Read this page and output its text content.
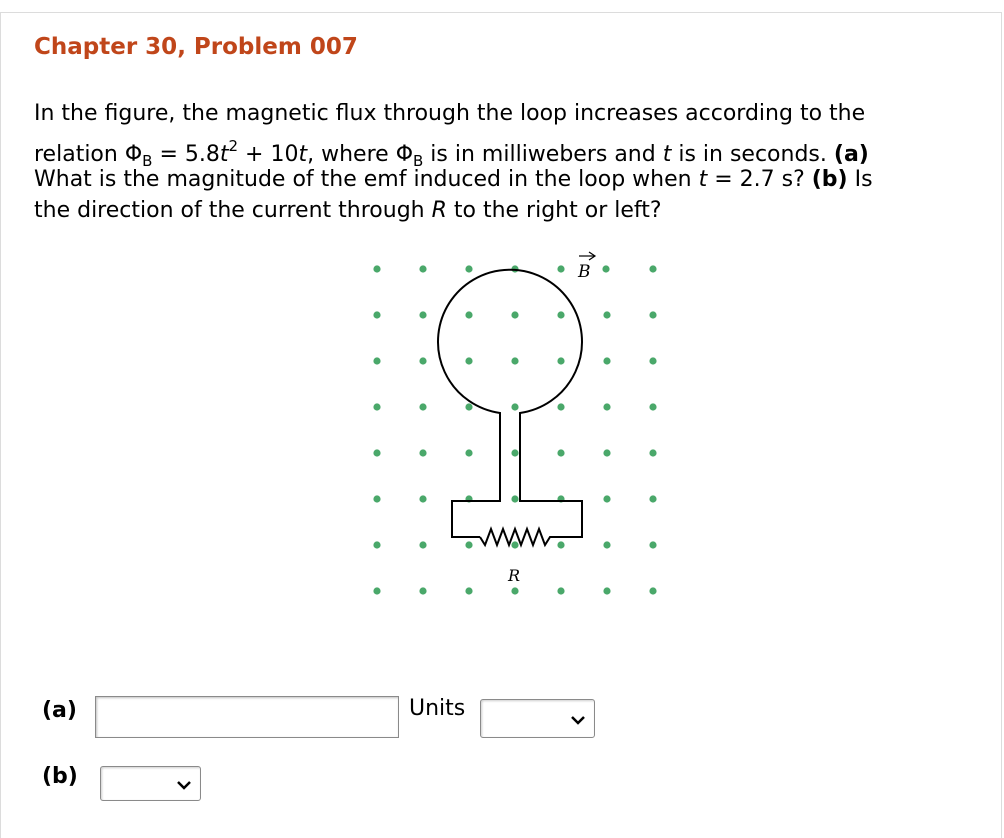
Chapter 30, Problem 007
In the figure, the magnetic flux through the loop increases according to the
relation $\Phi_B = 5.8t^2 + 10t$, where $\Phi_B$ is in milliwebers and t is in seconds. (a)
What is the magnitude of the emf induced in the loop when t = 2.7 s? (b) Is
the direction of the current through R to the right or left?
B
R
(a)	Units
(b)
